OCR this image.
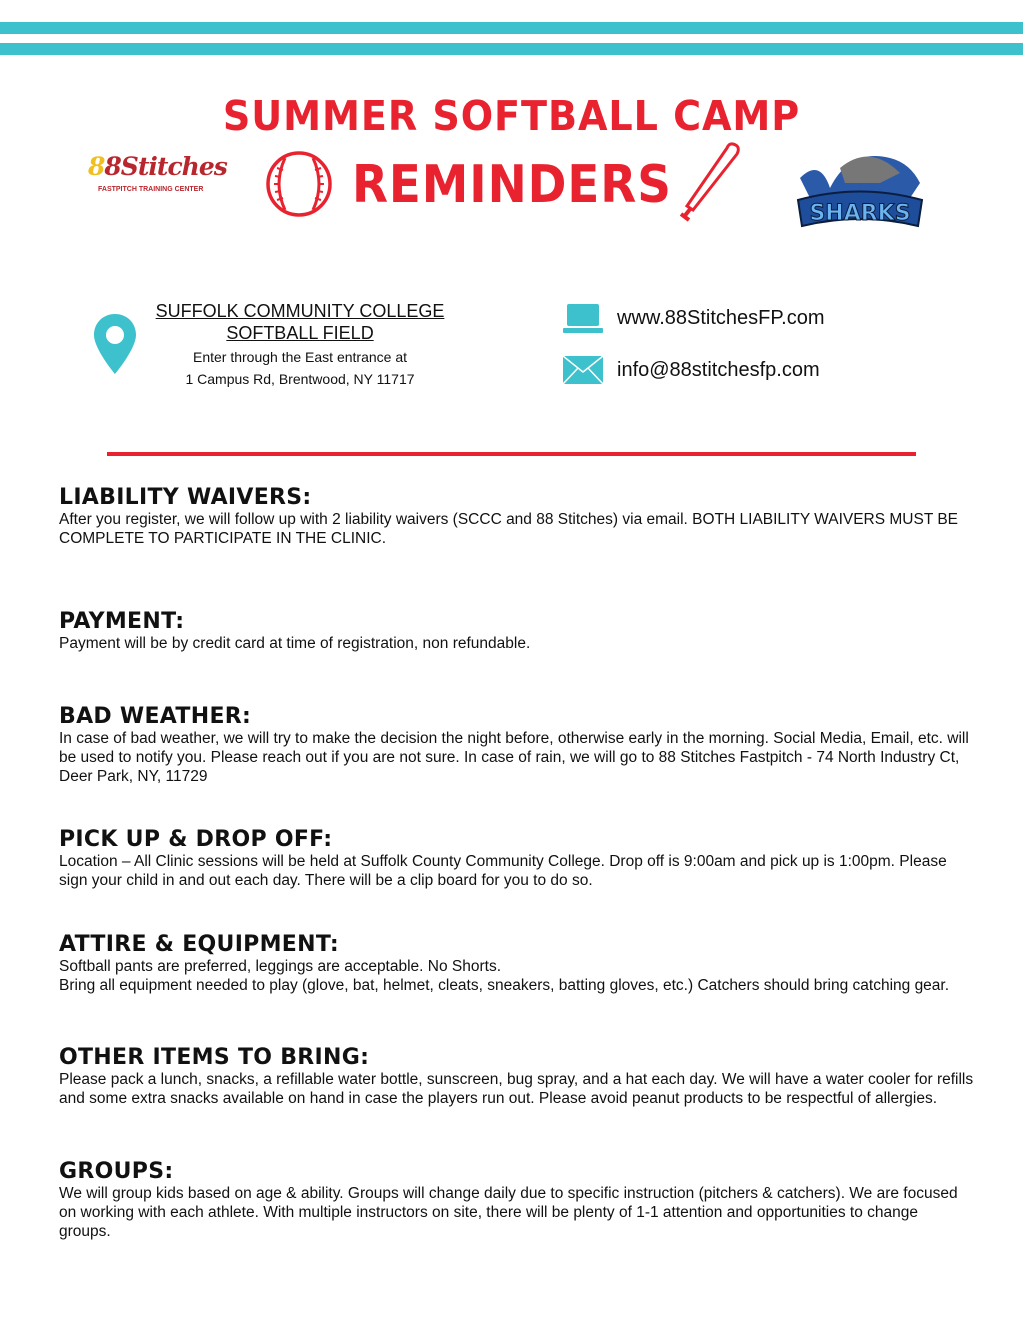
88Stitches
FASTPITCH TRAINING CENTER
SUMMER SOFTBALL CAMP
REMINDERS	SHARKS
SUFFOLK COMMUNITY COLLEGE
SOFTBALL FIELD
Enter through the East entrance at
1 Campus Rd, Brentwood, NY 11717
www.88StitchesFP.com
info@88stitchesfp.com
LIABILITY WAIVERS:

After you register, we will follow up with 2 liability waivers (SCCC and 88 Stitches) via email. BOTH LIABILITY WAIVERS MUST BE COMPLETE TO PARTICIPATE IN THE CLINIC.

PAYMENT:

Payment will be by credit card at time of registration, non refundable.

BAD WEATHER:

In case of bad weather, we will try to make the decision the night before, otherwise early in the morning. Social Media, Email, etc. will be used to notify you. Please reach out if you are not sure. In case of rain, we will go to 88 Stitches Fastpitch - 74 North Industry Ct, Deer Park, NY, 11729

PICK UP & DROP OFF:

Location – All Clinic sessions will be held at Suffolk County Community College. Drop off is 9:00am and pick up is 1:00pm. Please sign your child in and out each day. There will be a clip board for you to do so.

ATTIRE & EQUIPMENT:

Softball pants are preferred, leggings are acceptable. No Shorts.

Bring all equipment needed to play (glove, bat, helmet, cleats, sneakers, batting gloves, etc.) Catchers should bring catching gear.

OTHER ITEMS TO BRING:

Please pack a lunch, snacks, a refillable water bottle, sunscreen, bug spray, and a hat each day. We will have a water cooler for refills and some extra snacks available on hand in case the players run out. Please avoid peanut products to be respectful of allergies.

GROUPS:

We will group kids based on age & ability. Groups will change daily due to specific instruction (pitchers & catchers). We are focused on working with each athlete. With multiple instructors on site, there will be plenty of 1-1 attention and opportunities to change groups.
